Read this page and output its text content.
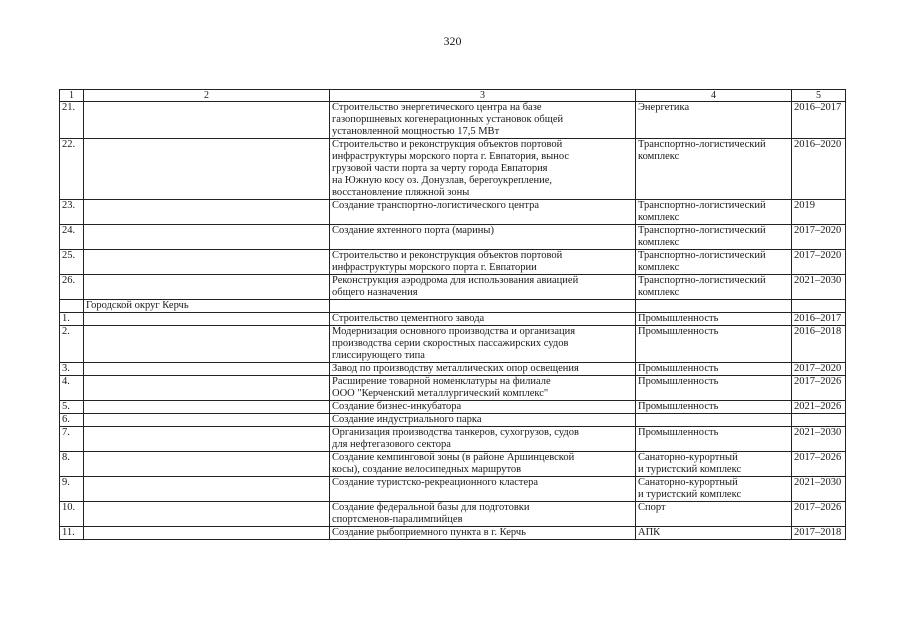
320
1	2	3	4	5
21.		Строительство энергетического центра на базе
газопоршневых когенерационных установок общей
установленной мощностью 17,5 МВт	Энергетика	2016–2017
22.		Строительство и реконструкция объектов портовой
инфраструктуры морского порта г. Евпатория, вынос
грузовой части порта за черту города Евпатория
на Южную косу оз. Донузлав, берегоукрепление,
восстановление пляжной зоны	Транспортно-логистический
комплекс	2016–2020
23.		Создание транспортно-логистического центра	Транспортно-логистический
комплекс	2019
24.		Создание яхтенного порта (марины)	Транспортно-логистический
комплекс	2017–2020
25.		Строительство и реконструкция объектов портовой
инфраструктуры морского порта г. Евпатории	Транспортно-логистический
комплекс	2017–2020
26.		Реконструкция аэродрома для использования авиацией
общего назначения	Транспортно-логистический
комплекс	2021–2030
	Городской округ Керчь			
1.		Строительство цементного завода	Промышленность	2016–2017
2.		Модернизация основного производства и организация
производства серии скоростных пассажирских судов
глиссирующего типа	Промышленность	2016–2018
3.		Завод по производству металлических опор освещения	Промышленность	2017–2020
4.		Расширение товарной номенклатуры на филиале
ООО "Керченский металлургический комплекс"	Промышленность	2017–2026
5.		Создание бизнес-инкубатора	Промышленность	2021–2026
6.		Создание индустриального парка		

7.		Организация производства танкеров, сухогрузов, судов
для нефтегазового сектора	Промышленность	2021–2030
8.		Создание кемпинговой зоны (в районе Аршинцевской
косы), создание велосипедных маршрутов	Санаторно-курортный
и туристский комплекс	2017–2026
9.		Создание туристско-рекреационного кластера	Санаторно-курортный
и туристский комплекс	2021–2030
10.		Создание федеральной базы для подготовки
спортсменов-паралимпийцев	Спорт	2017–2026
11.		Создание рыбоприемного пункта в г. Керчь	АПК	2017–2018
